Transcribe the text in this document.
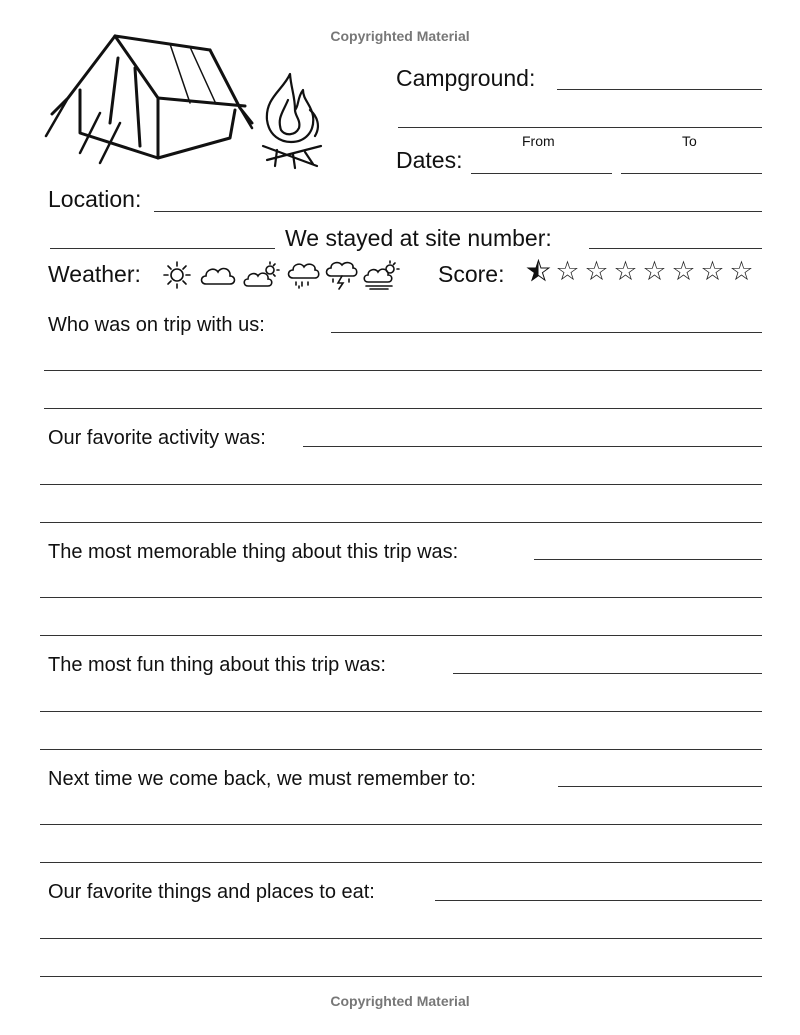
Copyrighted Material
Campground:
From	To
Dates:
Location:
We stayed at site number:
Weather:	Score: ★ ☆ ☆ ☆ ☆ ☆ ☆ ☆
Who was on trip with us:
Our favorite activity was:
The most memorable thing about this trip was:
The most fun thing about this trip was:
Next time we come back, we must remember to:
Our favorite things and places to eat:
Copyrighted Material
